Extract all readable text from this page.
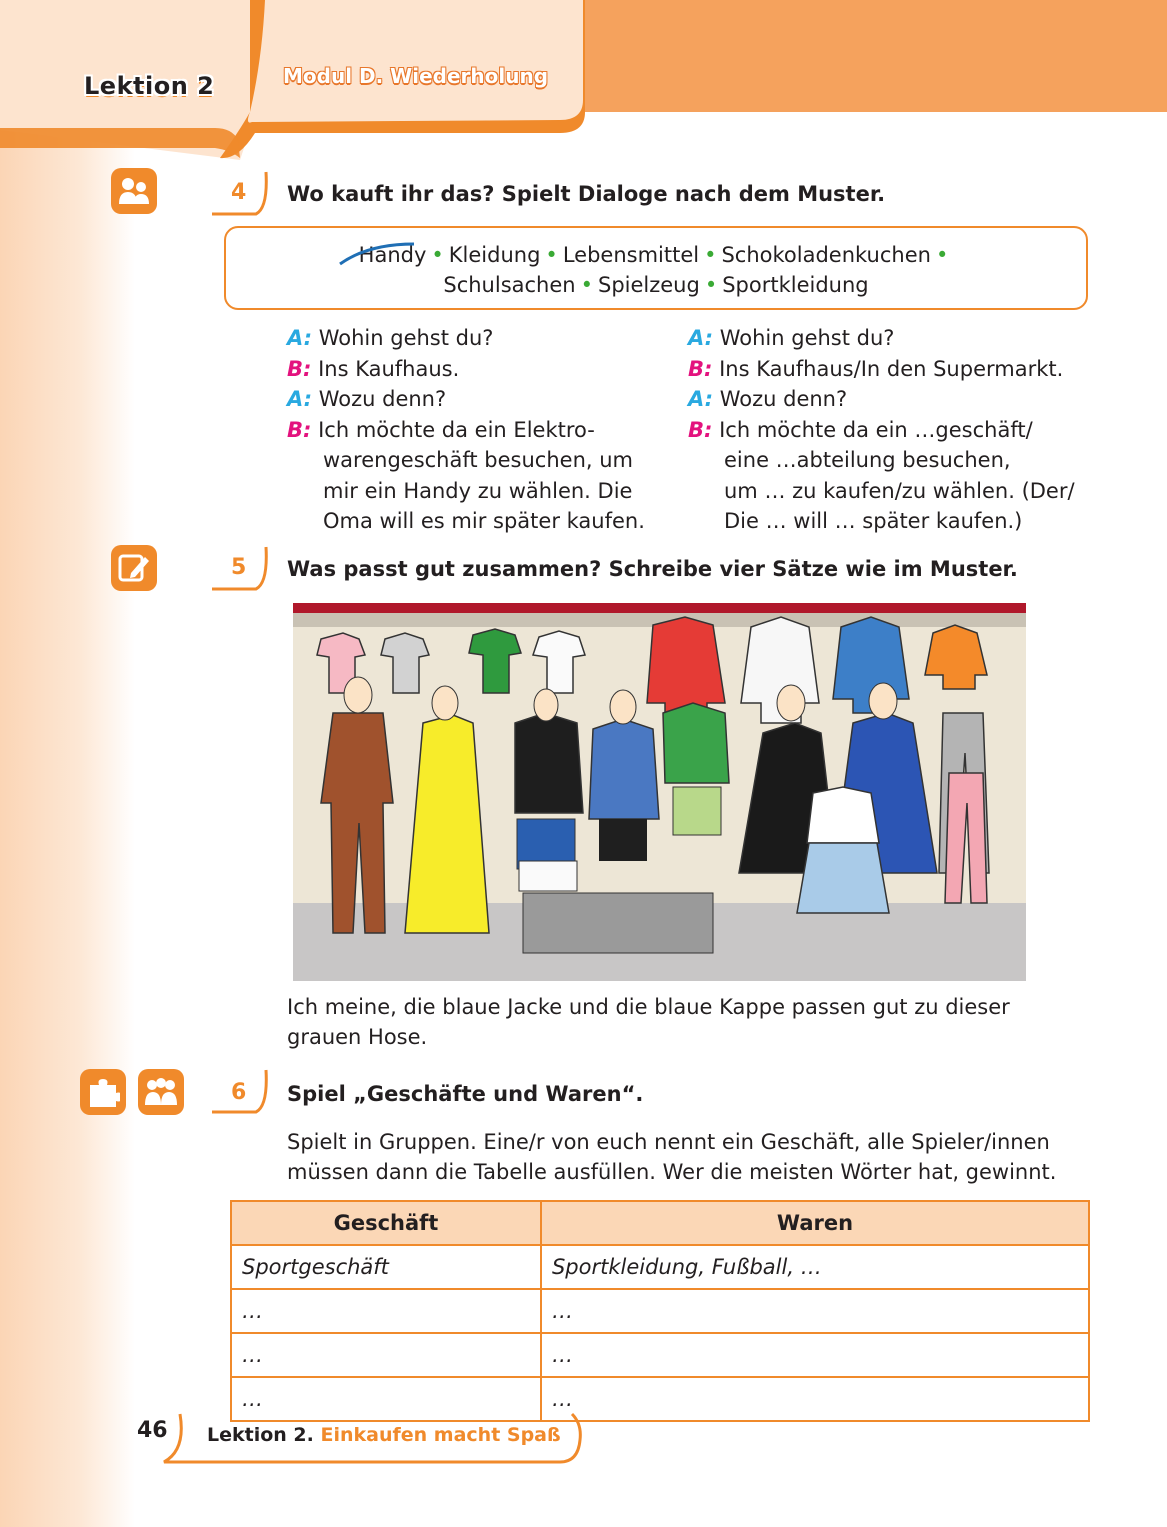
Lektion 2	Modul D. Wiederholung
4 Wo kauft ihr das? Spielt Dialoge nach dem Muster.
Handy • Kleidung • Lebensmittel • Schokoladenkuchen •
Schulsachen • Spielzeug • Sportkleidung
A: Wohin gehst du?
B: Ins Kaufhaus.
A: Wozu denn?
B: Ich möchte da ein Elektro-
warengeschäft besuchen, um
mir ein Handy zu wählen. Die
Oma will es mir später kaufen.
A: Wohin gehst du?
B: Ins Kaufhaus/In den Supermarkt.
A: Wozu denn?
B: Ich möchte da ein …geschäft/
eine …abteilung besuchen,
um … zu kaufen/zu wählen. (Der/
Die … will … später kaufen.)
5 Was passt gut zusammen? Schreibe vier Sätze wie im Muster.
Ich meine, die blaue Jacke und die blaue Kappe passen gut zu dieser
grauen Hose.
6 Spiel „Geschäfte und Waren“.
Spielt in Gruppen. Eine/r von euch nennt ein Geschäft, alle Spieler/innen
müssen dann die Tabelle ausfüllen. Wer die meisten Wörter hat, gewinnt.
Geschäft	Waren
Sportgeschäft	Sportkleidung, Fußball, …
…	…
…	…
…	…
46 Lektion 2. Einkaufen macht Spaß
